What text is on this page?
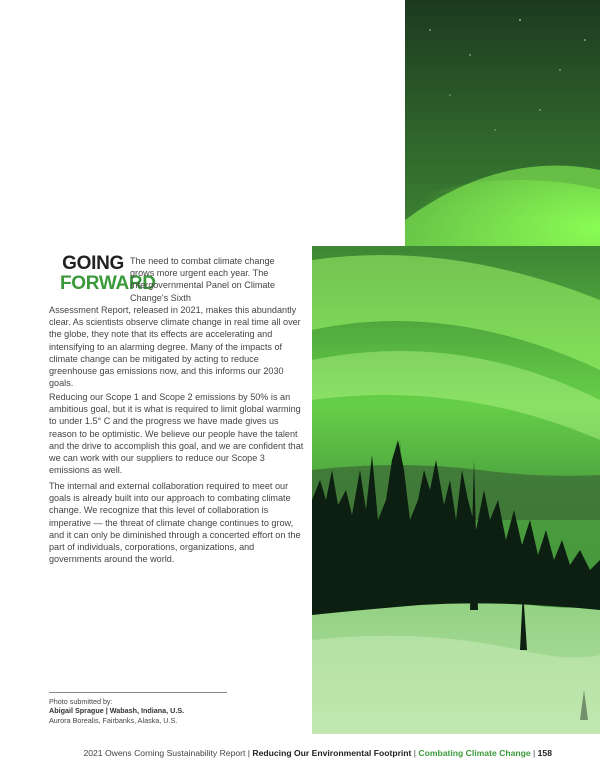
GOING
FORWARD
The need to combat climate change grows more urgent each year. The Intergovernmental Panel on Climate Change's Sixth
Assessment Report, released in 2021, makes this abundantly clear. As scientists observe climate change in real time all over the globe, they note that its effects are accelerating and intensifying to an alarming degree. Many of the impacts of climate change can be mitigated by acting to reduce greenhouse gas emissions now, and this informs our 2030 goals.

Reducing our Scope 1 and Scope 2 emissions by 50% is an ambitious goal, but it is what is required to limit global warming to under 1.5° C and the progress we have made gives us reason to be optimistic. We believe our people have the talent and the drive to accomplish this goal, and we are confident that we can work with our suppliers to reduce our Scope 3 emissions as well.

The internal and external collaboration required to meet our goals is already built into our approach to combating climate change. We recognize that this level of collaboration is imperative — the threat of climate change continues to grow, and it can only be diminished through a concerted effort on the part of individuals, corporations, organizations, and governments around the world.

Photo submitted by:
Abigail Sprague | Wabash, Indiana, U.S.
Aurora Borealis, Fairbanks, Alaska, U.S.
2021 Owens Corning Sustainability Report | Reducing Our Environmental Footprint | Combating Climate Change | 158
